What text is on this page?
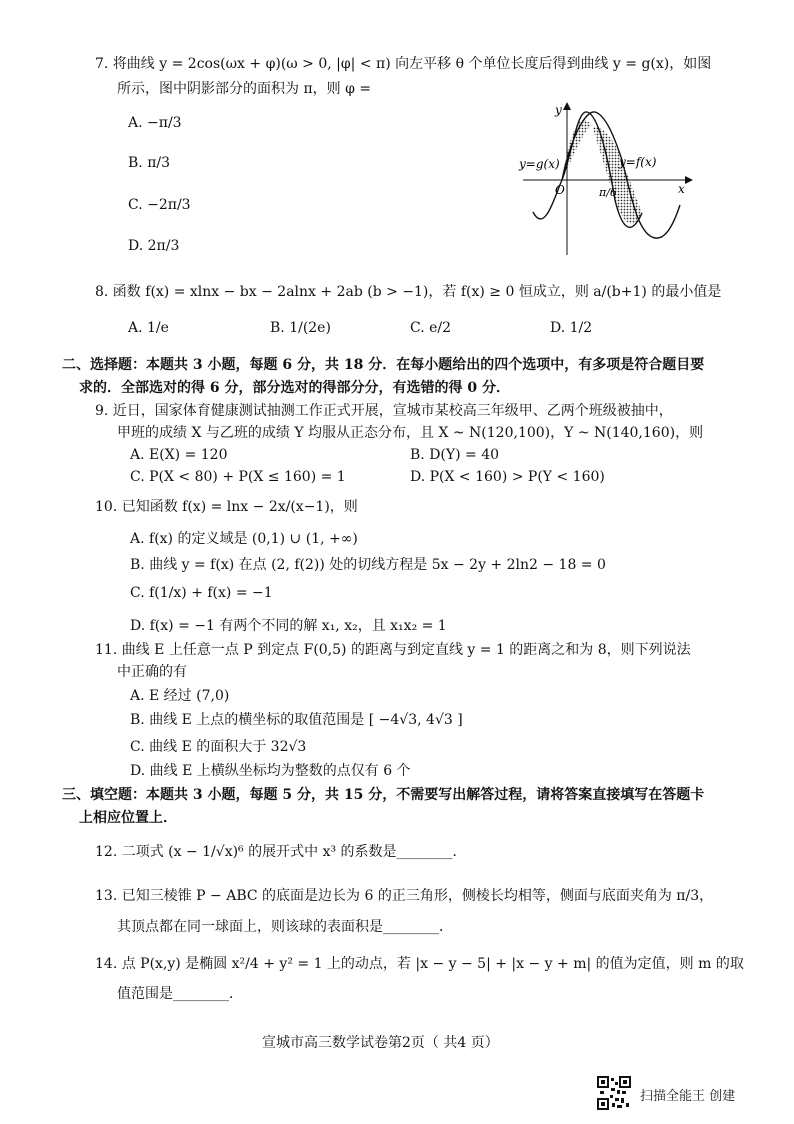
7. 将曲线 y = 2cos(ωx + φ)(ω > 0, |φ| < π) 向左平移 θ 个单位长度后得到曲线 y = g(x)，如图
所示，图中阴影部分的面积为 π，则 φ =
A. −π/3
B. π/3
C. −2π/3
D. 2π/3
y
x
O
y=g(x)	y=f(x)
π/6
8. 函数 f(x) = xlnx − bx − 2alnx + 2ab (b > −1)，若 f(x) ≥ 0 恒成立，则 a/(b+1) 的最小值是
A. 1/e	B. 1/(2e)	C. e/2	D. 1/2
二、选择题：本题共 3 小题，每题 6 分，共 18 分．在每小题给出的四个选项中，有多项是符合题目要
求的．全部选对的得 6 分，部分选对的得部分分，有选错的得 0 分．
9. 近日，国家体育健康测试抽测工作正式开展，宣城市某校高三年级甲、乙两个班级被抽中，
甲班的成绩 X 与乙班的成绩 Y 均服从正态分布，且 X ~ N(120,100)，Y ~ N(140,160)，则
A. E(X) = 120	B. D(Y) = 40
C. P(X < 80) + P(X ≤ 160) = 1	D. P(X < 160) > P(Y < 160)
10. 已知函数 f(x) = lnx − 2x/(x−1)，则
A. f(x) 的定义域是 (0,1) ∪ (1, +∞)
B. 曲线 y = f(x) 在点 (2, f(2)) 处的切线方程是 5x − 2y + 2ln2 − 18 = 0
C. f(1/x) + f(x) = −1
D. f(x) = −1 有两个不同的解 x₁, x₂，且 x₁x₂ = 1
11. 曲线 E 上任意一点 P 到定点 F(0,5) 的距离与到定直线 y = 1 的距离之和为 8，则下列说法
中正确的有
A. E 经过 (7,0)
B. 曲线 E 上点的横坐标的取值范围是 [ −4√3, 4√3 ]
C. 曲线 E 的面积大于 32√3
D. 曲线 E 上横纵坐标均为整数的点仅有 6 个
三、填空题：本题共 3 小题，每题 5 分，共 15 分，不需要写出解答过程，请将答案直接填写在答题卡
上相应位置上．
12. 二项式 (x − 1/√x)⁶ 的展开式中 x³ 的系数是________．
13. 已知三棱锥 P − ABC 的底面是边长为 6 的正三角形，侧棱长均相等，侧面与底面夹角为 π/3，
其顶点都在同一球面上，则该球的表面积是________．
14. 点 P(x,y) 是椭圆 x²/4 + y² = 1 上的动点，若 |x − y − 5| + |x − y + m| 的值为定值，则 m 的取
值范围是________．
宣城市高三数学试卷第2页（ 共4 页）
扫描全能王 创建
